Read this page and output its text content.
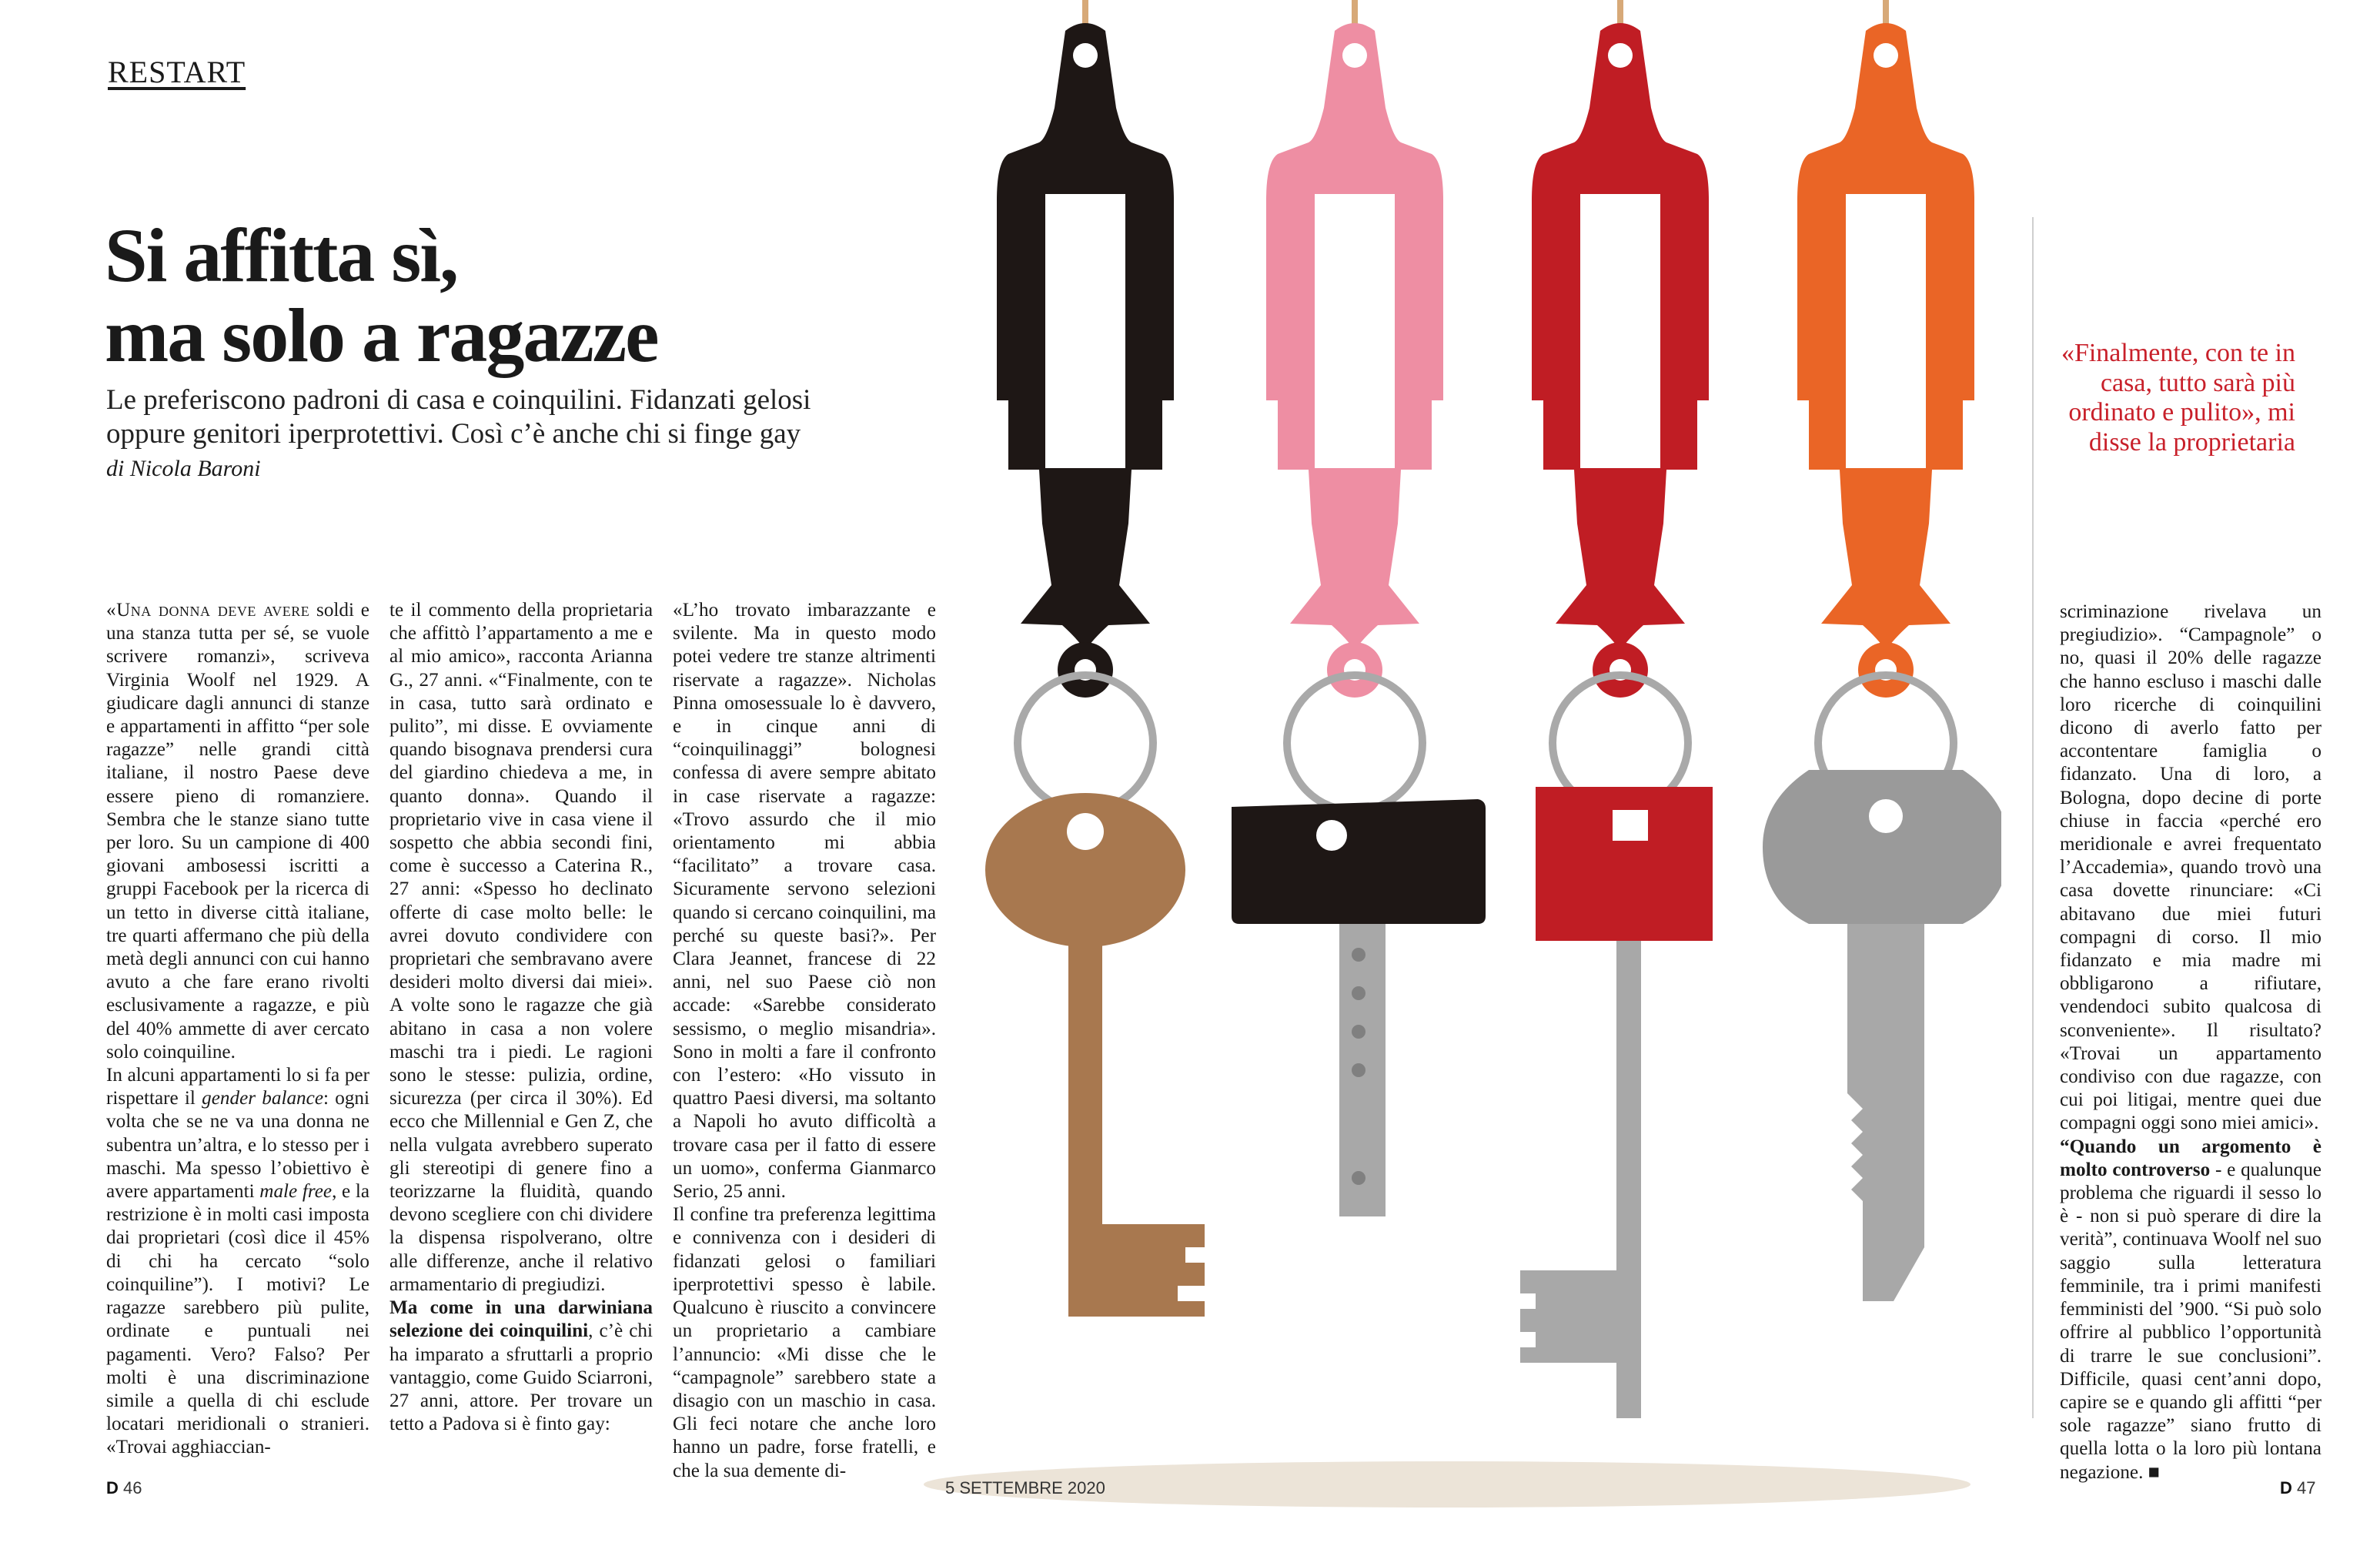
RESTART
Si affitta sì,
ma solo a ragazze
Le preferiscono padroni di casa e coinquilini. Fidanzati gelosi oppure genitori iperprotettivi. Così c’è anche chi si finge gay
di Nicola Baroni

«Una donna deve avere soldi e una stanza tutta per sé, se vuole scrivere romanzi», scriveva Virginia Woolf nel 1929. A giudicare dagli annunci di stanze e appartamenti in affitto “per sole ragazze” nelle grandi città italiane, il nostro Paese deve essere pieno di romanziere. Sembra che le stanze siano tutte per loro. Su un campione di 400 giovani ambosessi iscritti a gruppi Facebook per la ricerca di un tetto in diverse città italiane, tre quarti affermano che più della metà degli annunci con cui hanno avuto a che fare erano rivolti esclusivamente a ragazze, e più del 40% ammette di aver cercato solo coinquiline.

In alcuni appartamenti lo si fa per rispettare il gender balance: ogni volta che se ne va una donna ne subentra un’altra, e lo stesso per i maschi. Ma spesso l’obiettivo è avere appartamenti male free, e la restrizione è in molti casi imposta dai proprietari (così dice il 45% di chi ha cercato “solo coinquiline”). I motivi? Le ragazze sarebbero più pulite, ordinate e puntuali nei pagamenti. Vero? Falso? Per molti è una discriminazione simile a quella di chi esclude locatari meridionali o stranieri. «Trovai agghiaccian-

te il commento della proprietaria che affittò l’appartamento a me e al mio amico», racconta Arianna G., 27 anni. «“Finalmente, con te in casa, tutto sarà ordinato e pulito”, mi disse. E ovviamente quando bisognava prendersi cura del giardino chiedeva a me, in quanto donna». Quando il proprietario vive in casa viene il sospetto che abbia secondi fini, come è successo a Caterina R., 27 anni: «Spesso ho declinato offerte di case molto belle: le avrei dovuto condividere con proprietari che sembravano avere desideri molto diversi dai miei». A volte sono le ragazze che già abitano in casa a non volere maschi tra i piedi. Le ragioni sono le stesse: pulizia, ordine, sicurezza (per circa il 30%). Ed ecco che Millennial e Gen Z, che nella vulgata avrebbero superato gli stereotipi di genere fino a teorizzarne la fluidità, quando devono scegliere con chi dividere la dispensa rispolverano, oltre alle differenze, anche il relativo armamentario di pregiudizi.

Ma come in una darwiniana selezione dei coinquilini, c’è chi ha imparato a sfruttarli a proprio vantaggio, come Guido Sciarroni, 27 anni, attore. Per trovare un tetto a Padova si è finto gay:

«L’ho trovato imbarazzante e svilente. Ma in questo modo potei vedere tre stanze altrimenti riservate a ragazze». Nicholas Pinna omosessuale lo è davvero, e in cinque anni di “coinquilinaggi” bolognesi confessa di avere sempre abitato in case riservate a ragazze: «Trovo assurdo che il mio orientamento mi abbia “facilitato” a trovare casa. Sicuramente servono selezioni quando si cercano coinquilini, ma perché su queste basi?». Per Clara Jeannet, francese di 22 anni, nel suo Paese ciò non accade: «Sarebbe considerato sessismo, o meglio misandria». Sono in molti a fare il confronto con l’estero: «Ho vissuto in quattro Paesi diversi, ma soltanto a Napoli ho avuto difficoltà a trovare casa per il fatto di essere un uomo», conferma Gianmarco Serio, 25 anni.

Il confine tra preferenza legittima e connivenza con i desideri di fidanzati gelosi o familiari iperprotettivi spesso è labile. Qualcuno è riuscito a convincere un proprietario a cambiare l’annuncio: «Mi disse che le “campagnole” sarebbero state a disagio con un maschio in casa. Gli feci notare che anche loro hanno un padre, forse fratelli, e che la sua demente di-

«Finalmente, con te in casa, tutto sarà più ordinato e pulito», mi disse la proprietaria

scriminazione rivelava un pregiudizio». “Campagnole” o no, quasi il 20% delle ragazze che hanno escluso i maschi dalle loro ricerche di coinquilini dicono di averlo fatto per accontentare famiglia o fidanzato. Una di loro, a Bologna, dopo decine di porte chiuse in faccia «perché ero meridionale e avrei frequentato l’Accademia», quando trovò una casa dovette rinunciare: «Ci abitavano due miei futuri compagni di corso. Il mio fidanzato e mia madre mi obbligarono a rifiutare, vendendoci subito qualcosa di sconveniente». Il risultato? «Trovai un appartamento condiviso con due ragazze, con cui poi litigai, mentre quei due compagni oggi sono miei amici».

“Quando un argomento è molto controverso - e qualunque problema che riguardi il sesso lo è - non si può sperare di dire la verità”, continuava Woolf nel suo saggio sulla letteratura femminile, tra i primi manifesti femministi del ’900. “Si può solo offrire al pubblico l’opportunità di trarre le sue conclusioni”. Difficile, quasi cent’anni dopo, capire se e quando gli affitti “per sole ragazze” siano frutto di quella lotta o la loro più lontana negazione. ■

D 46	5 SETTEMBRE 2020	D 47
